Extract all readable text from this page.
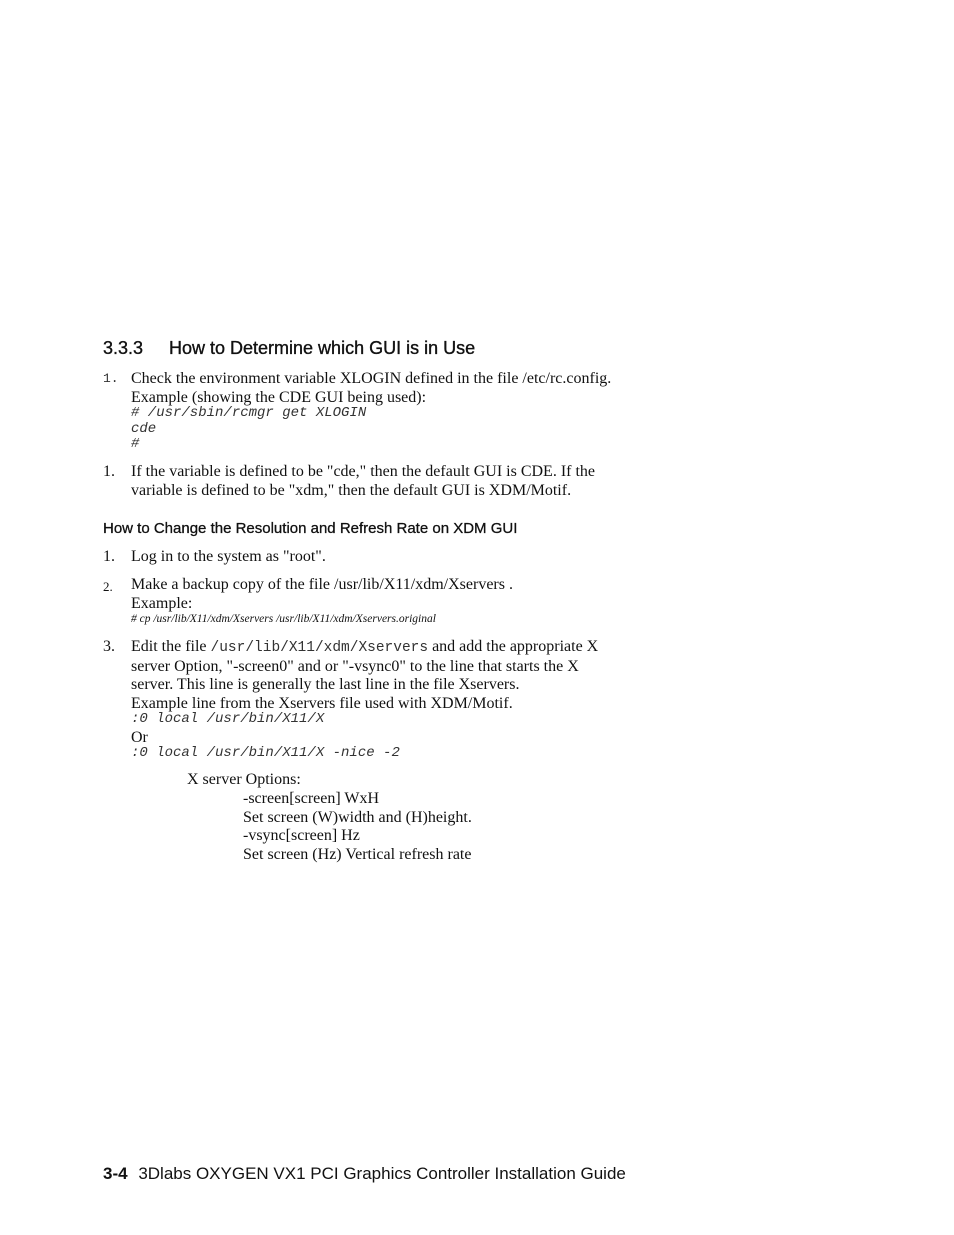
3.3.3 How to Determine which GUI is in Use
1. Check the environment variable XLOGIN defined in the file /etc/rc.config.
Example (showing the CDE GUI being used):
# /usr/sbin/rcmgr get XLOGIN
cde
#
1. If the variable is defined to be "cde," then the default GUI is CDE. If the
variable is defined to be "xdm," then the default GUI is XDM/Motif.
How to Change the Resolution and Refresh Rate on XDM GUI
1. Log in to the system as "root".
2. Make a backup copy of the file /usr/lib/X11/xdm/Xservers .
Example:
# cp /usr/lib/X11/xdm/Xservers /usr/lib/X11/xdm/Xservers.original
3. Edit the file /usr/lib/X11/xdm/Xservers and add the appropriate X
server Option, "-screen0" and or "-vsync0" to the line that starts the X
server. This line is generally the last line in the file Xservers.
Example line from the Xservers file used with XDM/Motif.
:0 local /usr/bin/X11/X
Or
:0 local /usr/bin/X11/X -nice -2
X server Options:
-screen[screen] WxH
Set screen (W)width and (H)height.
-vsync[screen] Hz
Set screen (Hz) Vertical refresh rate
3-4 3Dlabs OXYGEN VX1 PCI Graphics Controller Installation Guide
